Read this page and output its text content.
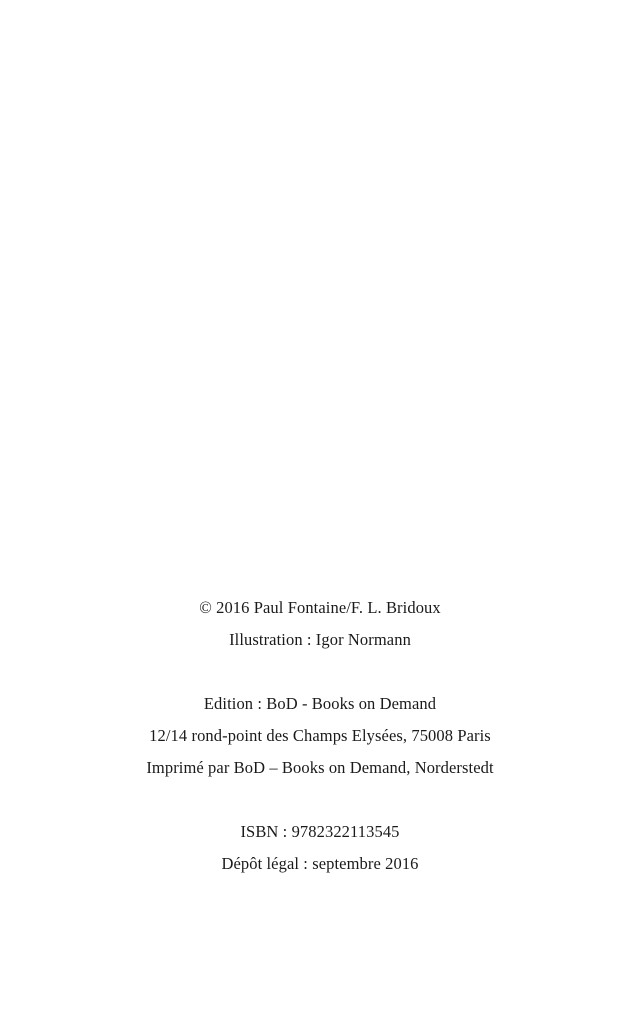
© 2016 Paul Fontaine/F. L. Bridoux
Illustration : Igor Normann
Edition : BoD - Books on Demand
12/14 rond-point des Champs Elysées, 75008 Paris
Imprimé par BoD – Books on Demand, Norderstedt
ISBN : 9782322113545
Dépôt légal : septembre 2016
